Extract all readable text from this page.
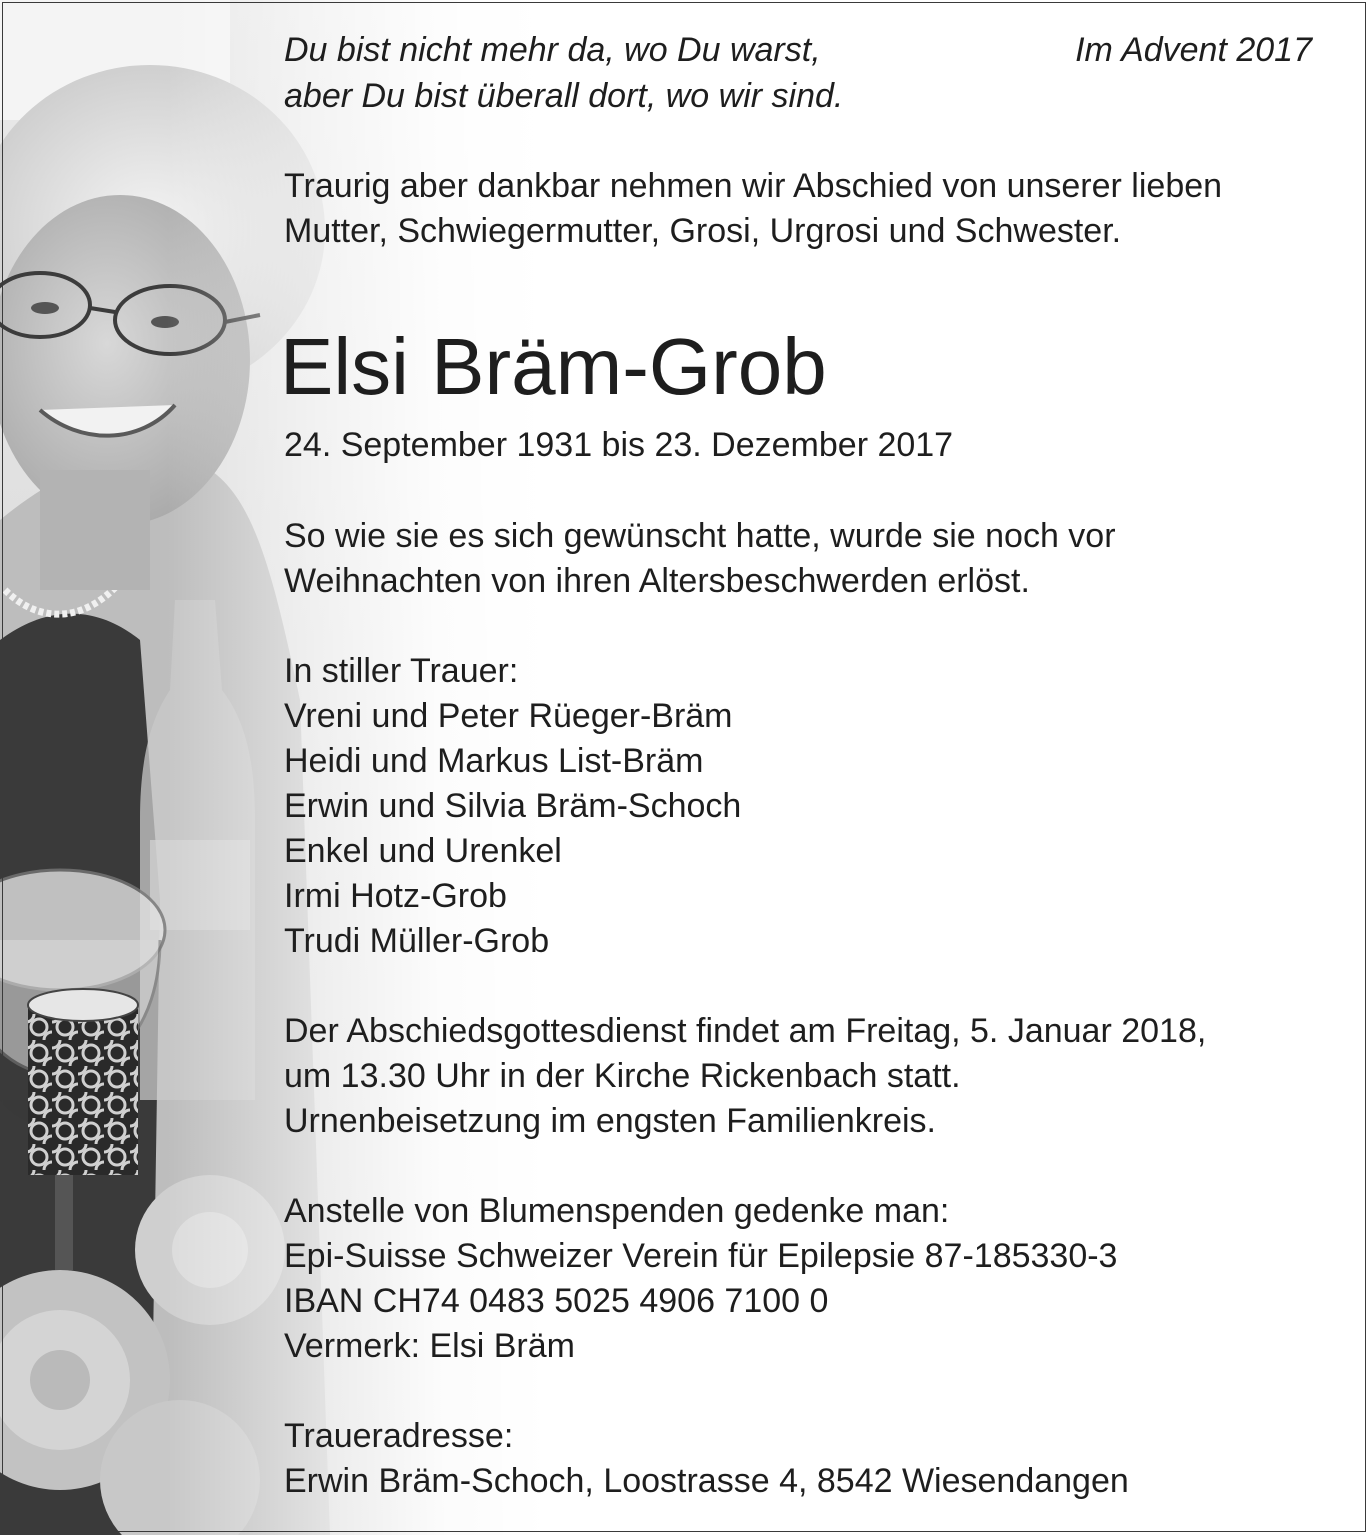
Du bist nicht mehr da, wo Du warst,
aber Du bist überall dort, wo wir sind.
Traurig aber dankbar nehmen wir Abschied von unserer lieben
Mutter, Schwiegermutter, Grosi, Urgrosi und Schwester.
Elsi Bräm-Grob
24. September 1931 bis 23. Dezember 2017
So wie sie es sich gewünscht hatte, wurde sie noch vor
Weihnachten von ihren Altersbeschwerden erlöst.
In stiller Trauer:
Vreni und Peter Rüeger-Bräm
Heidi und Markus List-Bräm
Erwin und Silvia Bräm-Schoch
Enkel und Urenkel
Irmi Hotz-Grob
Trudi Müller-Grob
Der Abschiedsgottesdienst findet am Freitag, 5. Januar 2018,
um 13.30 Uhr in der Kirche Rickenbach statt.
Urnenbeisetzung im engsten Familienkreis.
Anstelle von Blumenspenden gedenke man:
Epi-Suisse Schweizer Verein für Epilepsie 87-185330-3
IBAN CH74 0483 5025 4906 7100 0
Vermerk: Elsi Bräm
Traueradresse:
Erwin Bräm-Schoch, Loostrasse 4, 8542 Wiesendangen
Im Advent 2017
